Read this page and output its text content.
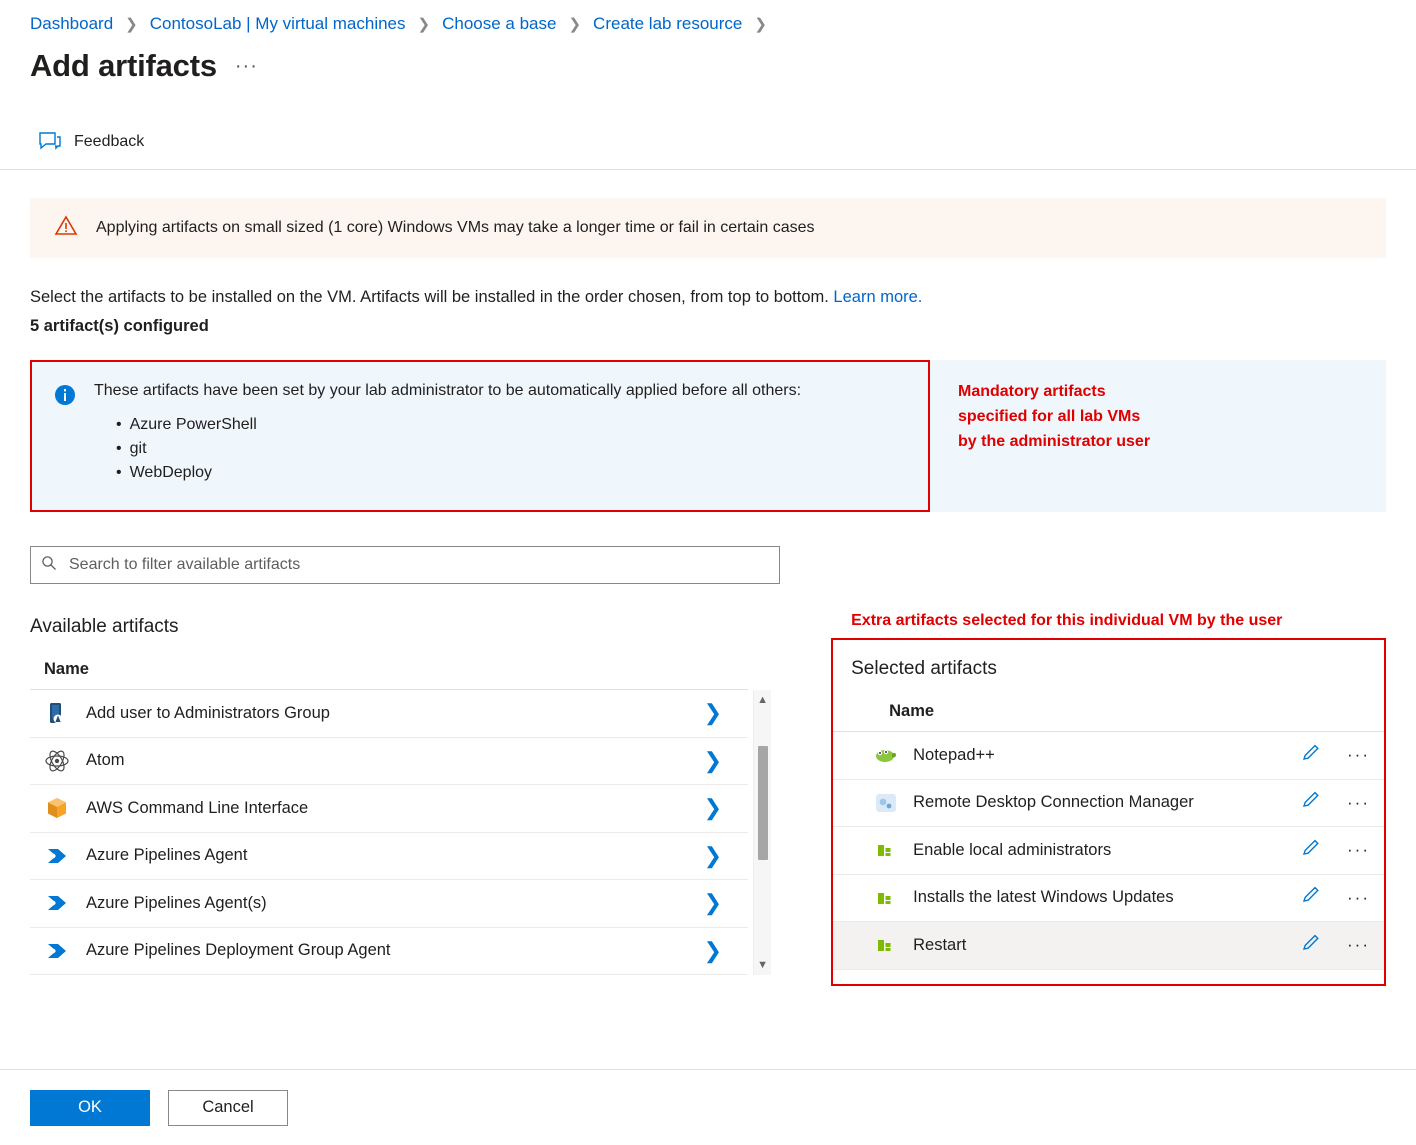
Dashboard ❯ ContosoLab | My virtual machines ❯ Choose a base ❯ Create lab resource ❯
Add artifacts ···
Feedback
Applying artifacts on small sized (1 core) Windows VMs may take a longer time or fail in certain cases
Select the artifacts to be installed on the VM. Artifacts will be installed in the order chosen, from top to bottom. Learn more.
5 artifact(s) configured
These artifacts have been set by your lab administrator to be automatically applied before all others:
• Azure PowerShell
• git
• WebDeploy
Mandatory artifacts
specified for all lab VMs
by the administrator user
Search to filter available artifacts
Available artifacts
Name
Add user to Administrators Group	❯
Atom	❯
AWS Command Line Interface	❯
Azure Pipelines Agent	❯
Azure Pipelines Agent(s)	❯
Azure Pipelines Deployment Group Agent	❯
▲
▼
Extra artifacts selected for this individual VM by the user
Selected artifacts
Name
Notepad++	···
Remote Desktop Connection Manager	···
Enable local administrators	···
Installs the latest Windows Updates	···
Restart	···
OK	Cancel
